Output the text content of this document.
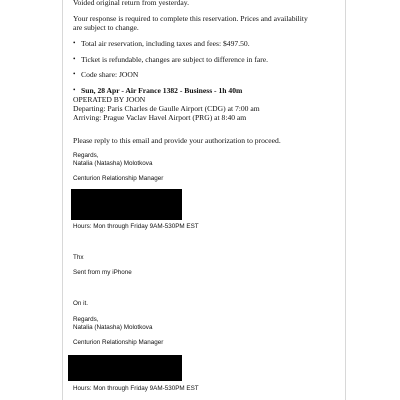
Voided original return from yesterday.
Your response is required to complete this reservation. Prices and availability
are subject to change.
• Total air reservation, including taxes and fees: $497.50.
• Ticket is refundable, changes are subject to difference in fare.
• Code share: JOON
• Sun, 28 Apr - Air France 1382 - Business - 1h 40m
OPERATED BY JOON
Departing: Paris Charles de Gaulle Airport (CDG) at 7:00 am
Arriving: Prague Vaclav Havel Airport (PRG) at 8:40 am
Please reply to this email and provide your authorization to proceed.
Regards,
Natalia (Natasha) Molotkova
Centurion Relationship Manager
Hours: Mon through Friday 9AM-530PM EST
Thx
Sent from my iPhone
On it.
Regards,
Natalia (Natasha) Molotkova
Centurion Relationship Manager
Hours: Mon through Friday 9AM-530PM EST
